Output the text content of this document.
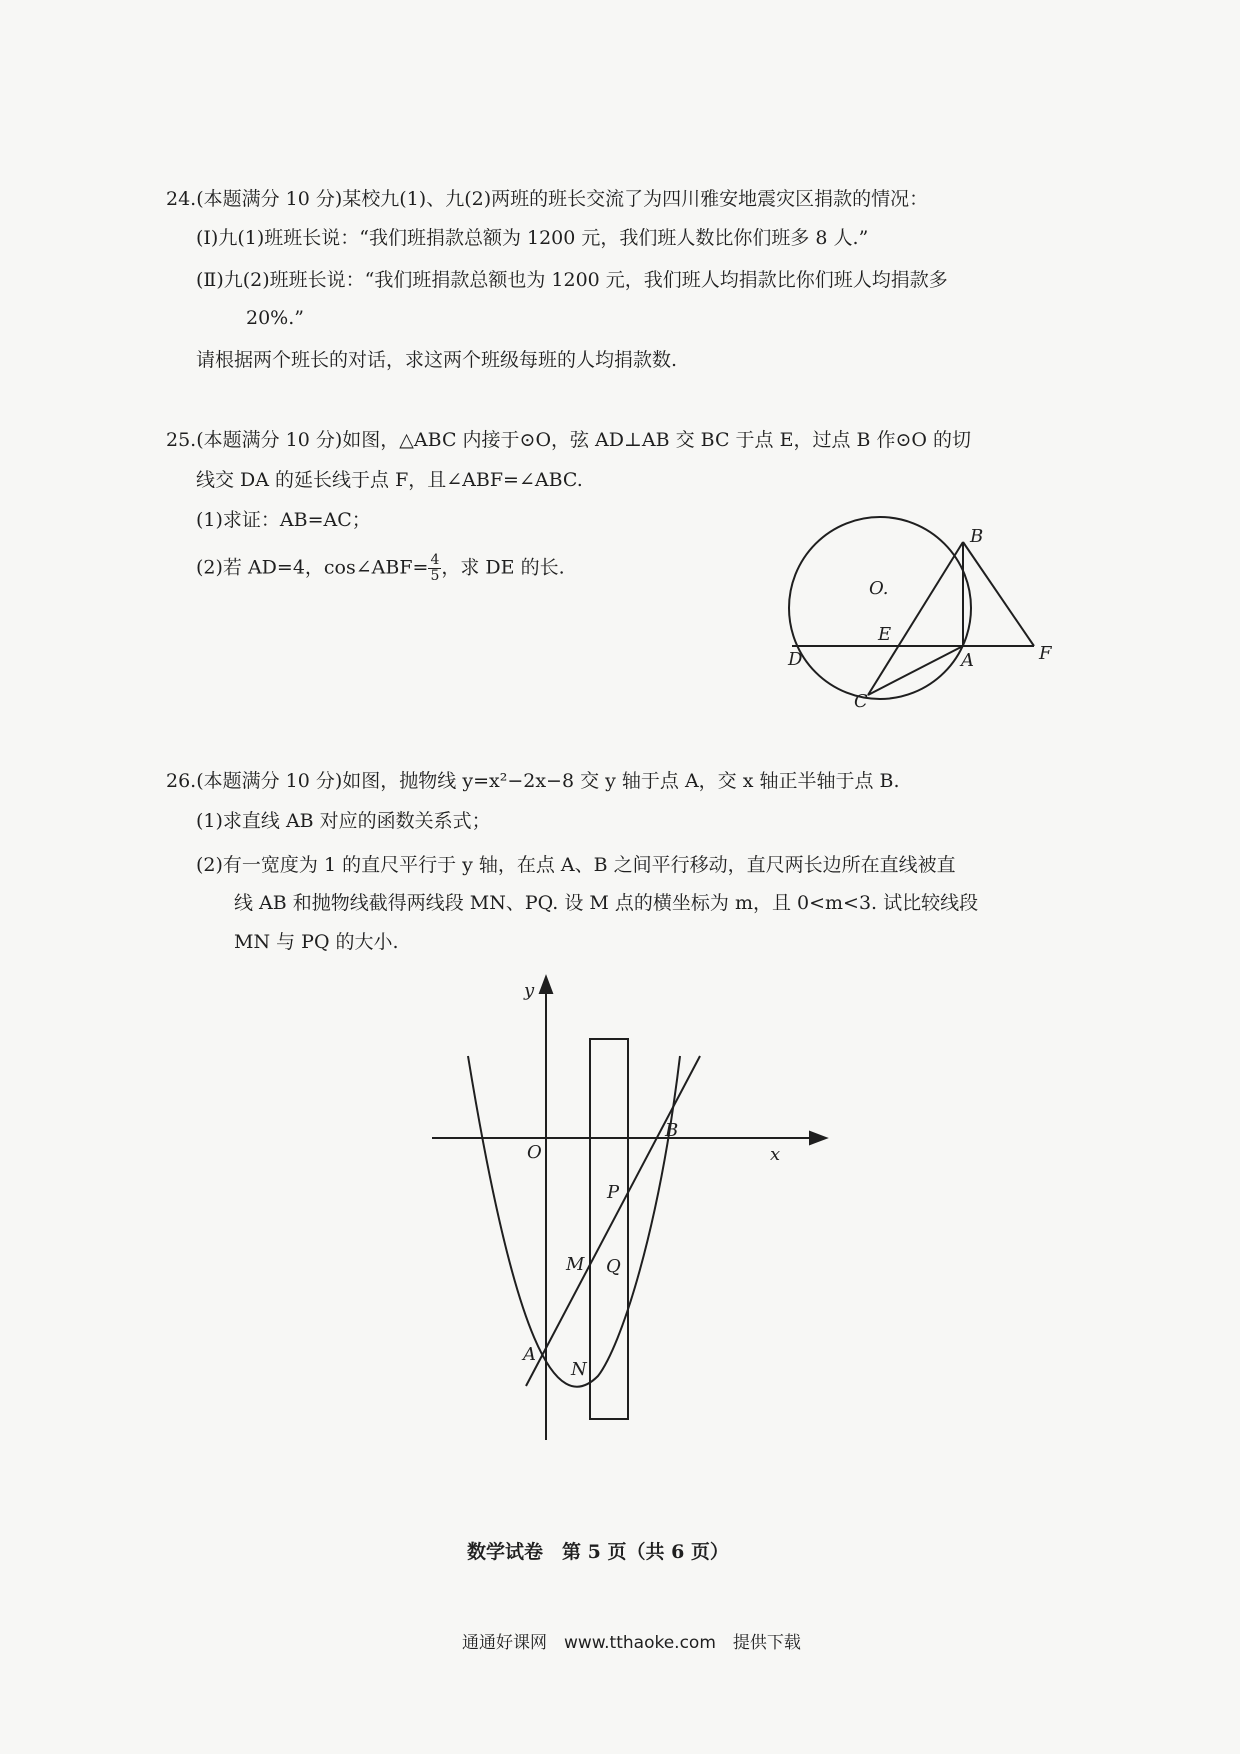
24.(本题满分 10 分)某校九(1)、九(2)两班的班长交流了为四川雅安地震灾区捐款的情况：
(Ⅰ)九(1)班班长说：“我们班捐款总额为 1200 元，我们班人数比你们班多 8 人.”
(Ⅱ)九(2)班班长说：“我们班捐款总额也为 1200 元，我们班人均捐款比你们班人均捐款多
20%.”
请根据两个班长的对话，求这两个班级每班的人均捐款数.
25.(本题满分 10 分)如图，△ABC 内接于⊙O，弦 AD⊥AB 交 BC 于点 E，过点 B 作⊙O 的切
线交 DA 的延长线于点 F，且∠ABF=∠ABC.
(1)求证：AB=AC；
(2)若 AD=4，cos∠ABF= $\frac{4}{5}$ ，求 DE 的长.
B
O.
E
D	A	F
C
26.(本题满分 10 分)如图，抛物线 y=x²−2x−8 交 y 轴于点 A，交 x 轴正半轴于点 B.
(1)求直线 AB 对应的函数关系式；
(2)有一宽度为 1 的直尺平行于 y 轴，在点 A、B 之间平行移动，直尺两长边所在直线被直
线 AB 和抛物线截得两线段 MN、PQ. 设 M 点的横坐标为 m，且 0<m<3. 试比较线段
MN 与 PQ 的大小.
y
x
O
B
P
M Q
A
N
数学试卷　第 5 页（共 6 页）
通通好课网　www.tthaoke.com　提供下载
